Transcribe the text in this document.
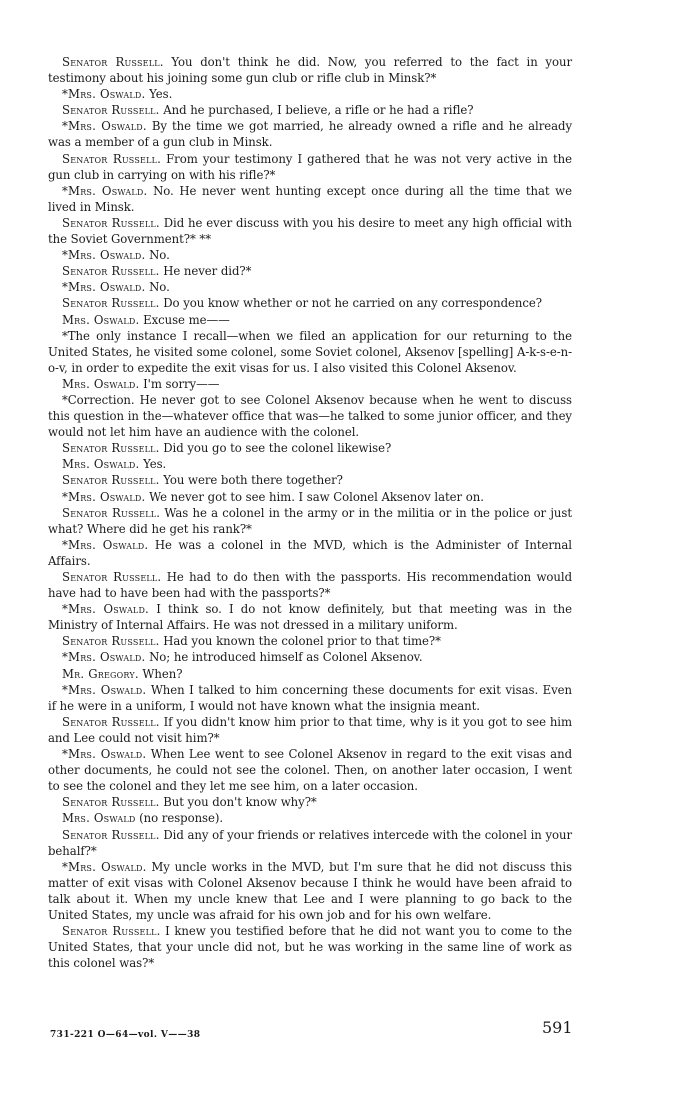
Senator Russell. You don't think he did. Now, you referred to the fact in your testimony about his joining some gun club or rifle club in Minsk?*

*Mrs. Oswald. Yes.

Senator Russell. And he purchased, I believe, a rifle or he had a rifle?

*Mrs. Oswald. By the time we got married, he already owned a rifle and he already was a member of a gun club in Minsk.

Senator Russell. From your testimony I gathered that he was not very active in the gun club in carrying on with his rifle?*

*Mrs. Oswald. No. He never went hunting except once during all the time that we lived in Minsk.

Senator Russell. Did he ever discuss with you his desire to meet any high official with the Soviet Government?* **

*Mrs. Oswald. No.

Senator Russell. He never did?*

*Mrs. Oswald. No.

Senator Russell. Do you know whether or not he carried on any correspondence?

Mrs. Oswald. Excuse me——

*The only instance I recall—when we filed an application for our returning to the United States, he visited some colonel, some Soviet colonel, Aksenov [spelling] A-k-s-e-n-o-v, in order to expedite the exit visas for us. I also visited this Colonel Aksenov.

Mrs. Oswald. I'm sorry——

*Correction. He never got to see Colonel Aksenov because when he went to discuss this question in the—whatever office that was—he talked to some junior officer, and they would not let him have an audience with the colonel.

Senator Russell. Did you go to see the colonel likewise?

Mrs. Oswald. Yes.

Senator Russell. You were both there together?

*Mrs. Oswald. We never got to see him. I saw Colonel Aksenov later on.

Senator Russell. Was he a colonel in the army or in the militia or in the police or just what? Where did he get his rank?*

*Mrs. Oswald. He was a colonel in the MVD, which is the Administer of Internal Affairs.

Senator Russell. He had to do then with the passports. His recommendation would have had to have been had with the passports?*

*Mrs. Oswald. I think so. I do not know definitely, but that meeting was in the Ministry of Internal Affairs. He was not dressed in a military uniform.

Senator Russell. Had you known the colonel prior to that time?*

*Mrs. Oswald. No; he introduced himself as Colonel Aksenov.

Mr. Gregory. When?

*Mrs. Oswald. When I talked to him concerning these documents for exit visas. Even if he were in a uniform, I would not have known what the insignia meant.

Senator Russell. If you didn't know him prior to that time, why is it you got to see him and Lee could not visit him?*

*Mrs. Oswald. When Lee went to see Colonel Aksenov in regard to the exit visas and other documents, he could not see the colonel. Then, on another later occasion, I went to see the colonel and they let me see him, on a later occasion.

Senator Russell. But you don't know why?*

Mrs. Oswald (no response).

Senator Russell. Did any of your friends or relatives intercede with the colonel in your behalf?*

*Mrs. Oswald. My uncle works in the MVD, but I'm sure that he did not discuss this matter of exit visas with Colonel Aksenov because I think he would have been afraid to talk about it. When my uncle knew that Lee and I were planning to go back to the United States, my uncle was afraid for his own job and for his own welfare.

Senator Russell. I knew you testified before that he did not want you to come to the United States, that your uncle did not, but he was working in the same line of work as this colonel was?*

731-221 O—64—vol. V——38	591
